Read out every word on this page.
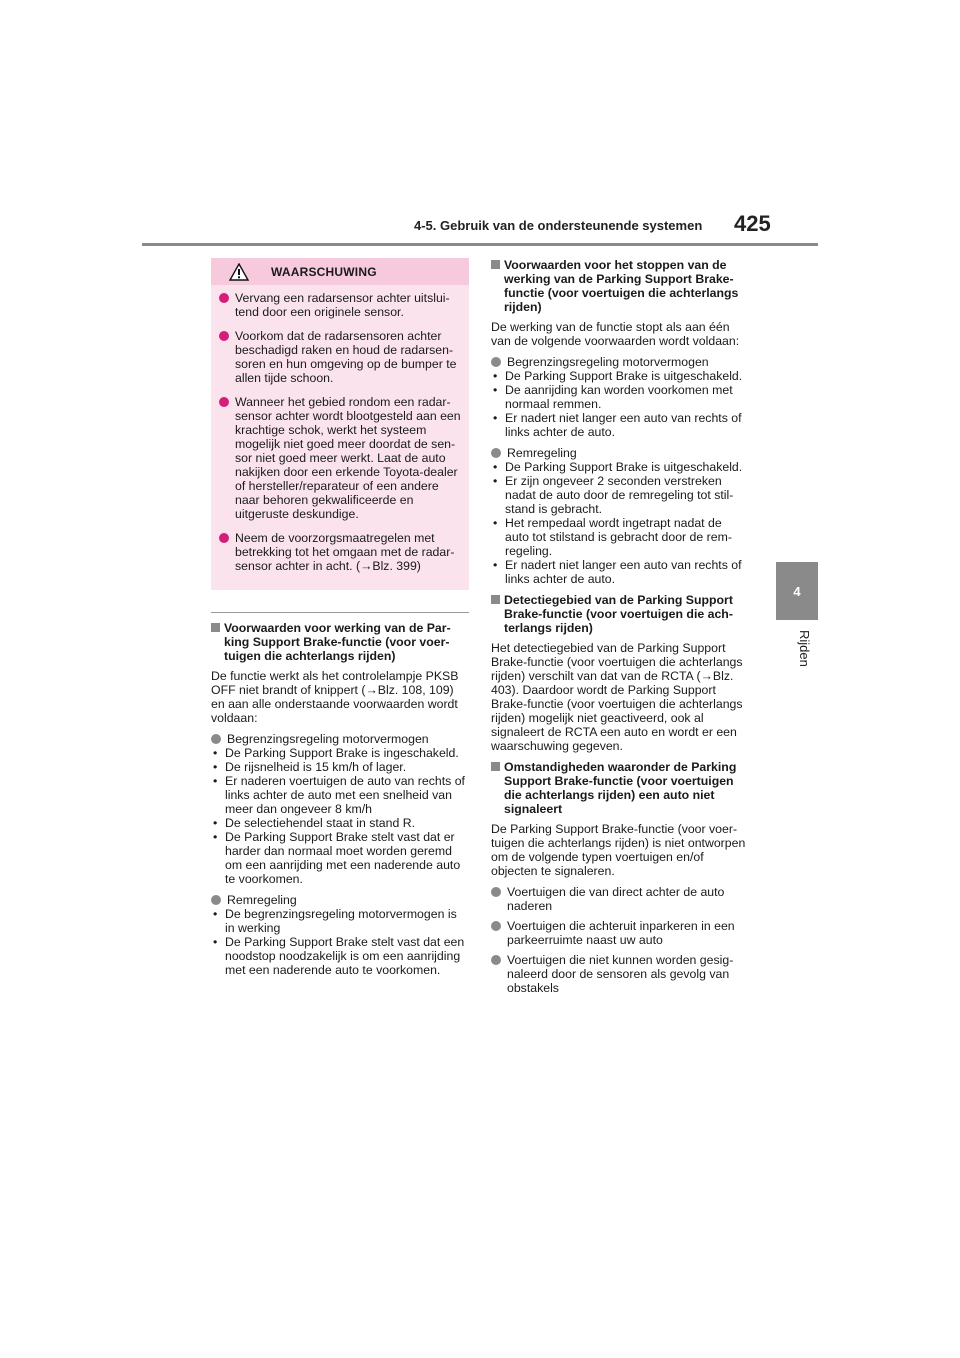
4-5. Gebruik van de ondersteunende systemen 425
4
Rijden
WAARSCHUWING
Vervang een radarsensor achter uitsluitend door een originele sensor.
Voorkom dat de radarsensoren achter beschadigd raken en houd de radarsensoren en hun omgeving op de bumper te allen tijde schoon.
Wanneer het gebied rondom een radarsensor achter wordt blootgesteld aan een krachtige schok, werkt het systeem mogelijk niet goed meer doordat de sensor niet goed meer werkt. Laat de auto nakijken door een erkende Toyota-dealer of hersteller/reparateur of een andere naar behoren gekwalificeerde en uitgeruste deskundige.
Neem de voorzorgsmaatregelen met betrekking tot het omgaan met de radarsensor achter in acht. (→Blz. 399)
Voorwaarden voor werking van de Parking Support Brake-functie (voor voertuigen die achterlangs rijden)
De functie werkt als het controlelampje PKSB OFF niet brandt of knippert (→Blz. 108, 109) en aan alle onderstaande voorwaarden wordt voldaan:
Begrenzingsregeling motorvermogen
• De Parking Support Brake is ingeschakeld.
• De rijsnelheid is 15 km/h of lager.
• Er naderen voertuigen de auto van rechts of links achter de auto met een snelheid van meer dan ongeveer 8 km/h
• De selectiehendel staat in stand R.
• De Parking Support Brake stelt vast dat er harder dan normaal moet worden geremd om een aanrijding met een naderende auto te voorkomen.
Remregeling
• De begrenzingsregeling motorvermogen is in werking
• De Parking Support Brake stelt vast dat een noodstop noodzakelijk is om een aanrijding met een naderende auto te voorkomen.
Voorwaarden voor het stoppen van de werking van de Parking Support Brake-functie (voor voertuigen die achterlangs rijden)
De werking van de functie stopt als aan één van de volgende voorwaarden wordt voldaan:
Begrenzingsregeling motorvermogen
• De Parking Support Brake is uitgeschakeld.
• De aanrijding kan worden voorkomen met normaal remmen.
• Er nadert niet langer een auto van rechts of links achter de auto.
Remregeling
• De Parking Support Brake is uitgeschakeld.
• Er zijn ongeveer 2 seconden verstreken nadat de auto door de remregeling tot stilstand is gebracht.
• Het rempedaal wordt ingetrapt nadat de auto tot stilstand is gebracht door de remregeling.
• Er nadert niet langer een auto van rechts of links achter de auto.
Detectiegebied van de Parking Support Brake-functie (voor voertuigen die achterlangs rijden)
Het detectiegebied van de Parking Support Brake-functie (voor voertuigen die achterlangs rijden) verschilt van dat van de RCTA (→Blz. 403). Daardoor wordt de Parking Support Brake-functie (voor voertuigen die achterlangs rijden) mogelijk niet geactiveerd, ook al signaleert de RCTA een auto en wordt er een waarschuwing gegeven.
Omstandigheden waaronder de Parking Support Brake-functie (voor voertuigen die achterlangs rijden) een auto niet signaleert
De Parking Support Brake-functie (voor voertuigen die achterlangs rijden) is niet ontworpen om de volgende typen voertuigen en/of objecten te signaleren.
Voertuigen die van direct achter de auto naderen
Voertuigen die achteruit inparkeren in een parkeerruimte naast uw auto
Voertuigen die niet kunnen worden gesignaleerd door de sensoren als gevolg van obstakels
